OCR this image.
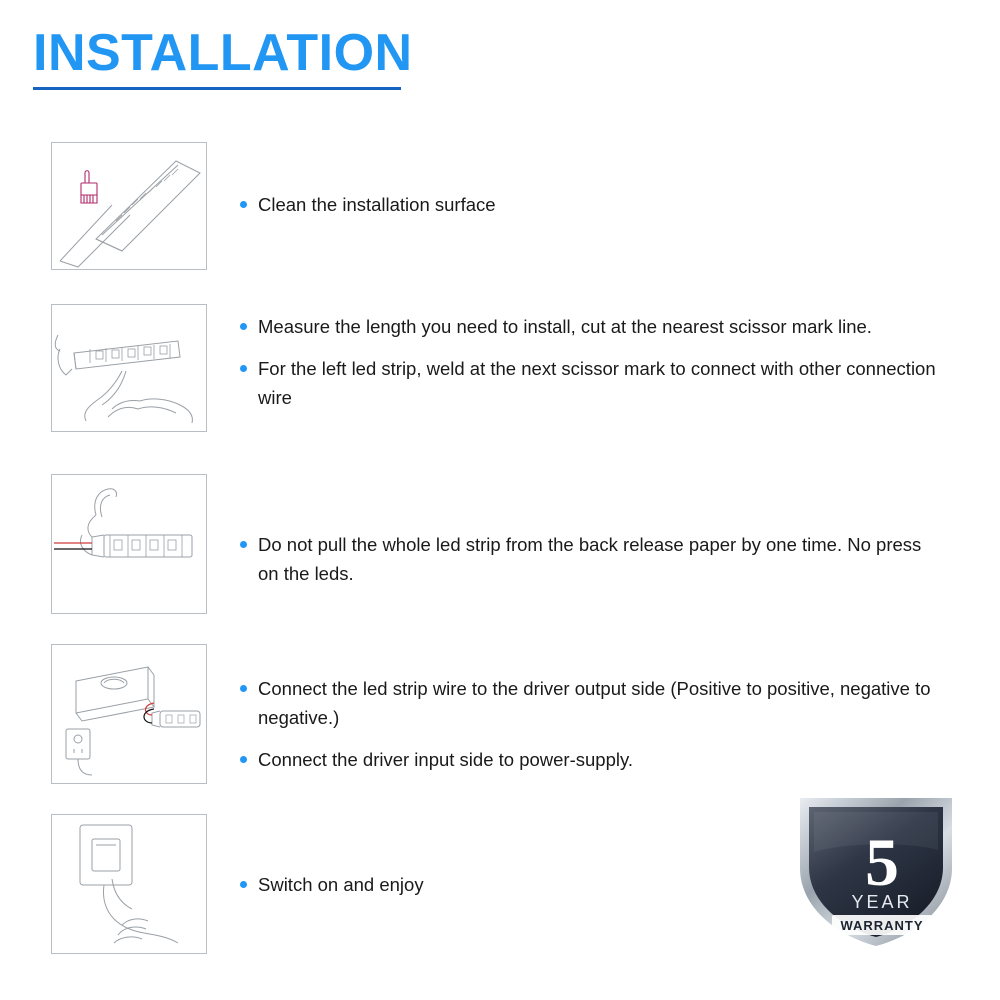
INSTALLATION
Clean the installation surface
Measure the length you need to install, cut at the nearest scissor mark line.
For the left led strip, weld at the next scissor mark to connect with other connection wire
Do not pull the whole led strip from the back release paper by one time. No press on the leds.
Connect the led strip wire to the driver output side (Positive to positive, negative to negative.)
Connect the driver input side to power-supply.
Switch on and enjoy	5
YEAR
WARRANTY
